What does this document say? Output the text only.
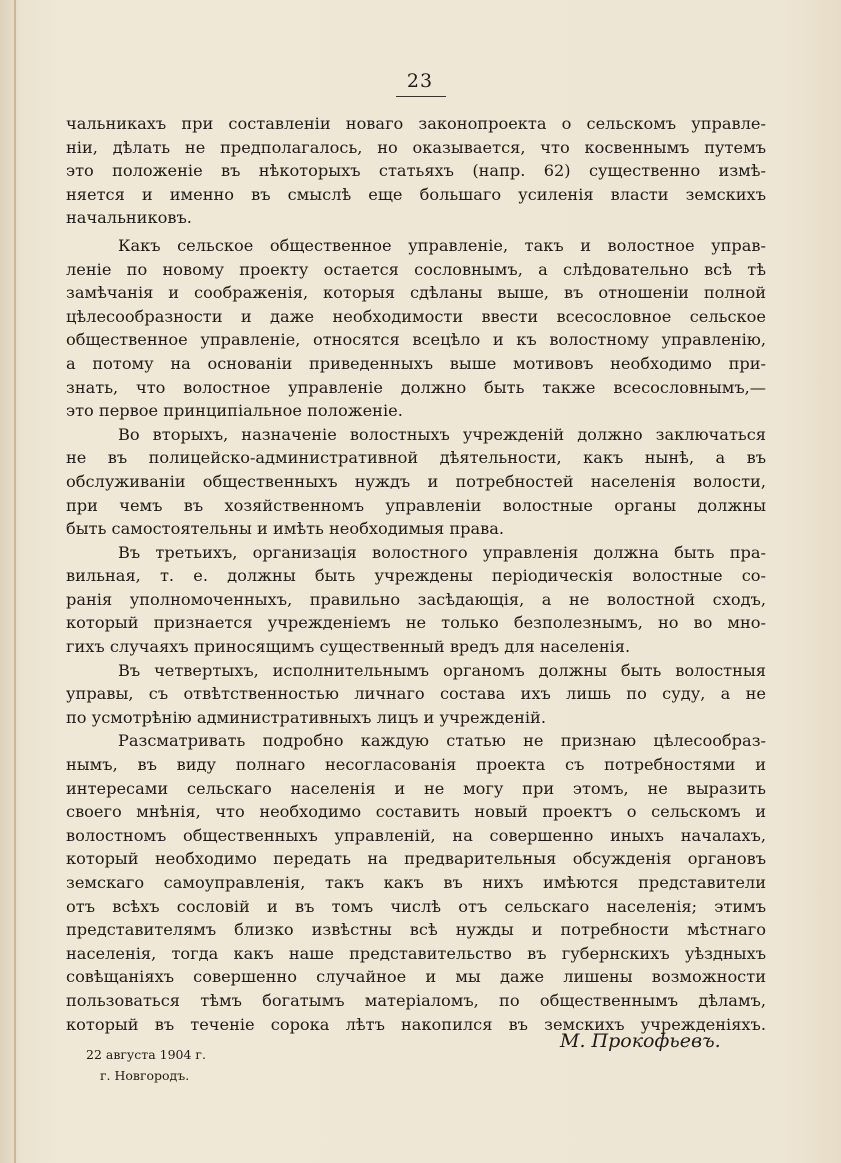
23
чальникахъ при составленіи новаго законопроекта о сельскомъ управле-
ніи, дѣлать не предполагалось, но оказывается, что косвеннымъ путемъ
это положеніе въ нѣкоторыхъ статьяхъ (напр. 62) существенно измѣ-
няется и именно въ смыслѣ еще большаго усиленія власти земскихъ
начальниковъ.
Какъ сельское общественное управленіе, такъ и волостное управ-
леніе по новому проекту остается сословнымъ, а слѣдовательно всѣ тѣ
замѣчанія и соображенія, которыя сдѣланы выше, въ отношеніи полной
цѣлесообразности и даже необходимости ввести всесословное сельское
общественное управленіе, относятся всецѣло и къ волостному управленію,
а потому на основаніи приведенныхъ выше мотивовъ необходимо при-
знать, что волостное управленіе должно быть также всесословнымъ,—
это первое принципіальное положеніе.
Во вторыхъ, назначеніе волостныхъ учрежденій должно заключаться
не въ полицейско-административной дѣятельности, какъ нынѣ, а въ
обслуживаніи общественныхъ нуждъ и потребностей населенія волости,
при чемъ въ хозяйственномъ управленіи волостные органы должны
быть самостоятельны и имѣть необходимыя права.
Въ третьихъ, организація волостного управленія должна быть пра-
вильная, т. е. должны быть учреждены періодическія волостные со-
ранія уполномоченныхъ, правильно засѣдающія, а не волостной сходъ,
который признается учрежденіемъ не только безполезнымъ, но во мно-
гихъ случаяхъ приносящимъ существенный вредъ для населенія.
Въ четвертыхъ, исполнительнымъ органомъ должны быть волостныя
управы, съ отвѣтственностью личнаго состава ихъ лишь по суду, а не
по усмотрѣнію административныхъ лицъ и учрежденій.
Разсматривать подробно каждую статью не признаю цѣлесообраз-
нымъ, въ виду полнаго несогласованія проекта съ потребностями и
интересами сельскаго населенія и не могу при этомъ, не выразить
своего мнѣнія, что необходимо составить новый проектъ о сельскомъ и
волостномъ общественныхъ управленій, на совершенно иныхъ началахъ,
который необходимо передать на предварительныя обсужденія органовъ
земскаго самоуправленія, такъ какъ въ нихъ имѣются представители
отъ всѣхъ сословій и въ томъ числѣ отъ сельскаго населенія; этимъ
представителямъ близко извѣстны всѣ нужды и потребности мѣстнаго
населенія, тогда какъ наше представительство въ губернскихъ уѣздныхъ
совѣщаніяхъ совершенно случайное и мы даже лишены возможности
пользоваться тѣмъ богатымъ матеріаломъ, по общественнымъ дѣламъ,
который въ теченіе сорока лѣтъ накопился въ земскихъ учрежденіяхъ.
22 августа 1904 г.
г. Новгородъ.
М. Прокофьевъ.
